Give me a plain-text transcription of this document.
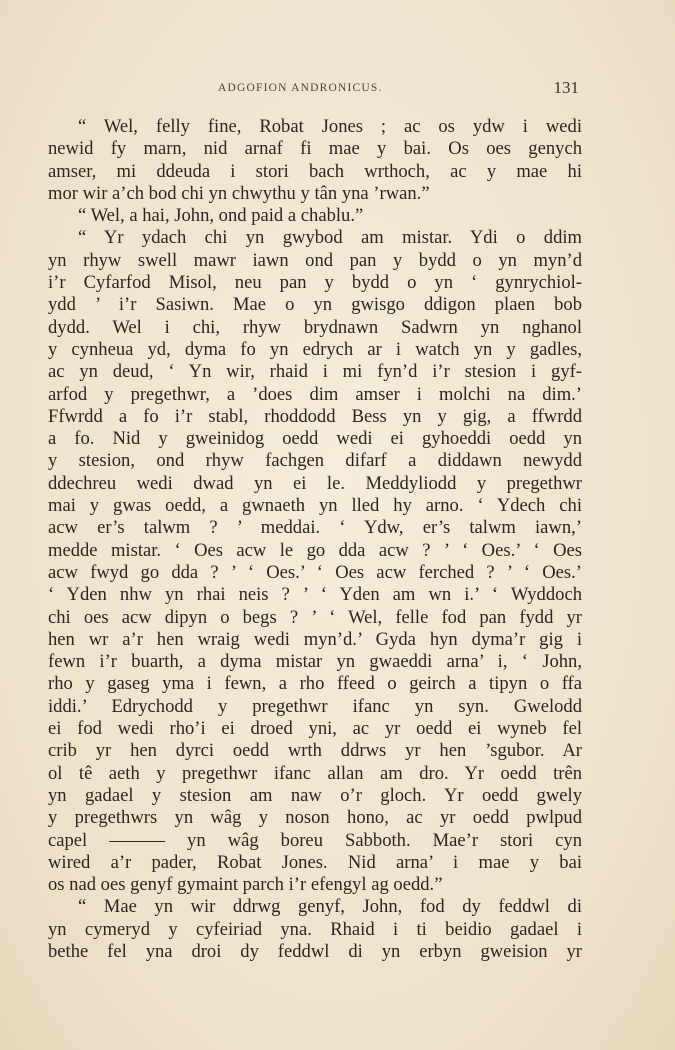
ADGOFION ANDRONICUS.	131
“ Wel, felly fine, Robat Jones ; ac os ydw i wedi
newid fy marn, nid arnaf fi mae y bai. Os oes genych
amser, mi ddeuda i stori bach wrthoch, ac y mae hi
mor wir a’ch bod chi yn chwythu y tân yna ’rwan.”
“ Wel, a hai, John, ond paid a chablu.”
“ Yr ydach chi yn gwybod am mistar. Ydi o ddim
yn rhyw swell mawr iawn ond pan y bydd o yn myn’d
i’r Cyfarfod Misol, neu pan y bydd o yn ‘ gynrychiol-
ydd ’ i’r Sasiwn. Mae o yn gwisgo ddigon plaen bob
dydd. Wel i chi, rhyw brydnawn Sadwrn yn nghanol
y cynheua yd, dyma fo yn edrych ar i watch yn y gadles,
ac yn deud, ‘ Yn wir, rhaid i mi fyn’d i’r stesion i gyf-
arfod y pregethwr, a ’does dim amser i molchi na dim.’
Ffwrdd a fo i’r stabl, rhoddodd Bess yn y gig, a ffwrdd
a fo. Nid y gweinidog oedd wedi ei gyhoeddi oedd yn
y stesion, ond rhyw fachgen difarf a diddawn newydd
ddechreu wedi dwad yn ei le. Meddyliodd y pregethwr
mai y gwas oedd, a gwnaeth yn lled hy arno. ‘ Ydech chi
acw er’s talwm ? ’ meddai. ‘ Ydw, er’s talwm iawn,’
medde mistar. ‘ Oes acw le go dda acw ? ’ ‘ Oes.’ ‘ Oes
acw fwyd go dda ? ’ ‘ Oes.’ ‘ Oes acw ferched ? ’ ‘ Oes.’
‘ Yden nhw yn rhai neis ? ’ ‘ Yden am wn i.’ ‘ Wyddoch
chi oes acw dipyn o begs ? ’ ‘ Wel, felle fod pan fydd yr
hen wr a’r hen wraig wedi myn’d.’ Gyda hyn dyma’r gig i
fewn i’r buarth, a dyma mistar yn gwaeddi arna’ i, ‘ John,
rho y gaseg yma i fewn, a rho ffeed o geirch a tipyn o ffa
iddi.’ Edrychodd y pregethwr ifanc yn syn. Gwelodd
ei fod wedi rho’i ei droed yni, ac yr oedd ei wyneb fel
crib yr hen dyrci oedd wrth ddrws yr hen ’sgubor. Ar
ol tê aeth y pregethwr ifanc allan am dro. Yr oedd trên
yn gadael y stesion am naw o’r gloch. Yr oedd gwely
y pregethwrs yn wâg y noson hono, ac yr oedd pwlpud
capel ——— yn wâg boreu Sabboth. Mae’r stori cyn
wired a’r pader, Robat Jones. Nid arna’ i mae y bai
os nad oes genyf gymaint parch i’r efengyl ag oedd.”
“ Mae yn wir ddrwg genyf, John, fod dy feddwl di
yn cymeryd y cyfeiriad yna. Rhaid i ti beidio gadael i
bethe fel yna droi dy feddwl di yn erbyn gweision yr
